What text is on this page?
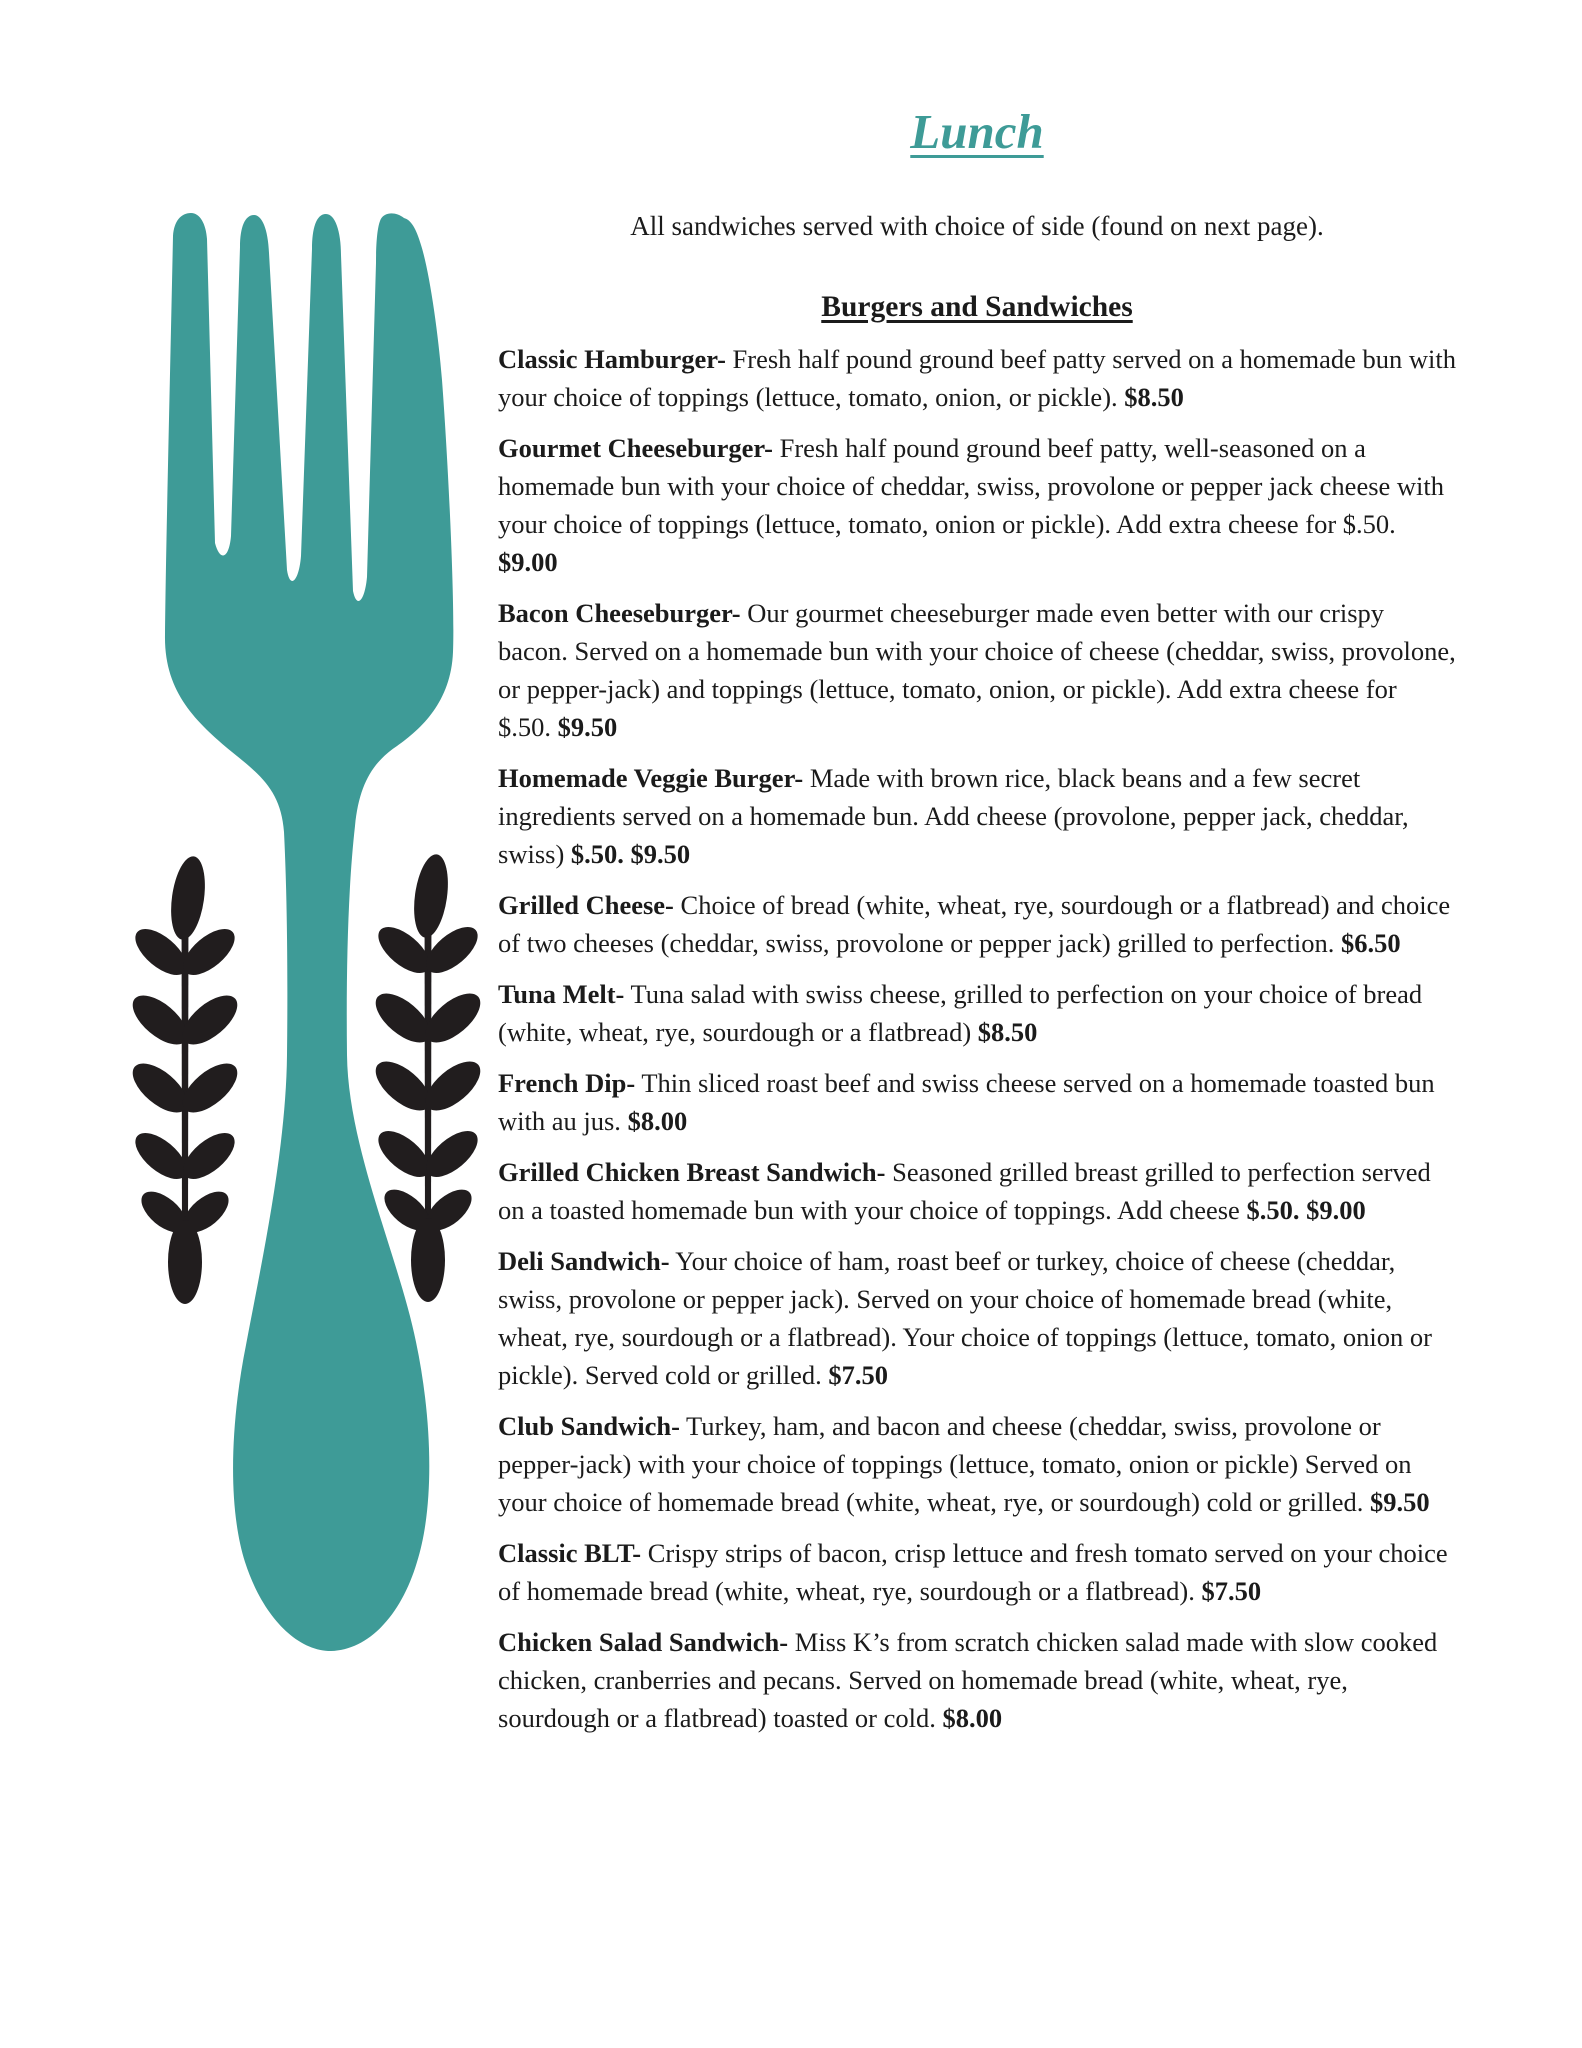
Lunch

All sandwiches served with choice of side (found on next page).

Burgers and Sandwiches

Classic Hamburger- Fresh half pound ground beef patty served on a homemade bun with your choice of toppings (lettuce, tomato, onion, or pickle). $8.50

Gourmet Cheeseburger- Fresh half pound ground beef patty, well-seasoned on a homemade bun with your choice of cheddar, swiss, provolone or pepper jack cheese with your choice of toppings (lettuce, tomato, onion or pickle). Add extra cheese for $.50. $9.00

Bacon Cheeseburger- Our gourmet cheeseburger made even better with our crispy bacon. Served on a homemade bun with your choice of cheese (cheddar, swiss, provolone, or pepper-jack) and toppings (lettuce, tomato, onion, or pickle). Add extra cheese for $.50. $9.50

Homemade Veggie Burger- Made with brown rice, black beans and a few secret ingredients served on a homemade bun. Add cheese (provolone, pepper jack, cheddar, swiss) $.50. $9.50

Grilled Cheese- Choice of bread (white, wheat, rye, sourdough or a flatbread) and choice of two cheeses (cheddar, swiss, provolone or pepper jack) grilled to perfection. $6.50

Tuna Melt- Tuna salad with swiss cheese, grilled to perfection on your choice of bread (white, wheat, rye, sourdough or a flatbread) $8.50

French Dip- Thin sliced roast beef and swiss cheese served on a homemade toasted bun with au jus. $8.00

Grilled Chicken Breast Sandwich- Seasoned grilled breast grilled to perfection served on a toasted homemade bun with your choice of toppings. Add cheese $.50. $9.00

Deli Sandwich- Your choice of ham, roast beef or turkey, choice of cheese (cheddar, swiss, provolone or pepper jack). Served on your choice of homemade bread (white, wheat, rye, sourdough or a flatbread). Your choice of toppings (lettuce, tomato, onion or pickle). Served cold or grilled. $7.50

Club Sandwich- Turkey, ham, and bacon and cheese (cheddar, swiss, provolone or pepper-jack) with your choice of toppings (lettuce, tomato, onion or pickle) Served on your choice of homemade bread (white, wheat, rye, or sourdough) cold or grilled. $9.50

Classic BLT- Crispy strips of bacon, crisp lettuce and fresh tomato served on your choice of homemade bread (white, wheat, rye, sourdough or a flatbread). $7.50

Chicken Salad Sandwich- Miss K’s from scratch chicken salad made with slow cooked chicken, cranberries and pecans. Served on homemade bread (white, wheat, rye, sourdough or a flatbread) toasted or cold. $8.00
